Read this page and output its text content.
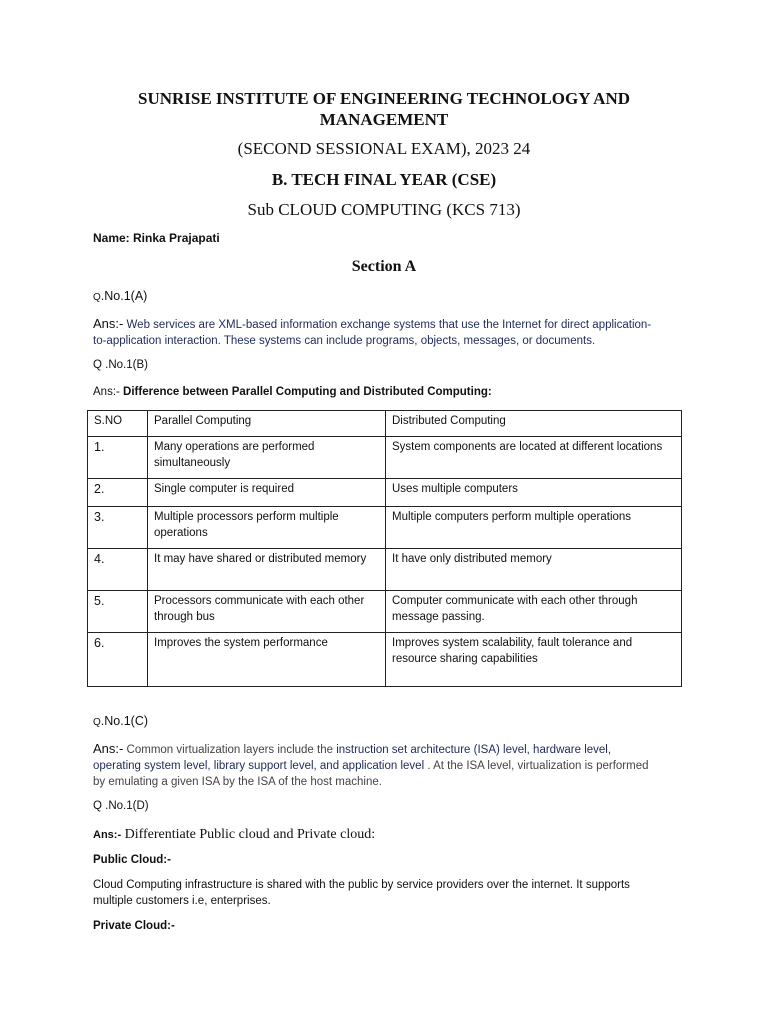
SUNRISE INSTITUTE OF ENGINEERING TECHNOLOGY AND
MANAGEMENT
(SECOND SESSIONAL EXAM), 2023 24
B. TECH FINAL YEAR (CSE)
Sub CLOUD COMPUTING (KCS 713)
Name: Rinka Prajapati
Section A
Q.No.1(A)
Ans:- Web services are XML-based information exchange systems that use the Internet for direct application-
to-application interaction. These systems can include programs, objects, messages, or documents.
Q .No.1(B)
Ans:- Difference between Parallel Computing and Distributed Computing:
S.NO	Parallel Computing	Distributed Computing
1.	Many operations are performed simultaneously	System components are located at different locations
2.	Single computer is required	Uses multiple computers
3.	Multiple processors perform multiple operations	Multiple computers perform multiple operations
4.	It may have shared or distributed memory	It have only distributed memory
5.	Processors communicate with each other through bus	Computer communicate with each other through message passing.
6.	Improves the system performance	Improves system scalability, fault tolerance and resource sharing capabilities
Q.No.1(C)
Ans:- Common virtualization layers include the instruction set architecture (ISA) level, hardware level,
operating system level, library support level, and application level . At the ISA level, virtualization is performed
by emulating a given ISA by the ISA of the host machine.
Q .No.1(D)
Ans:- Differentiate Public cloud and Private cloud:
Public Cloud:-
Cloud Computing infrastructure is shared with the public by service providers over the internet. It supports
multiple customers i.e, enterprises.
Private Cloud:-
